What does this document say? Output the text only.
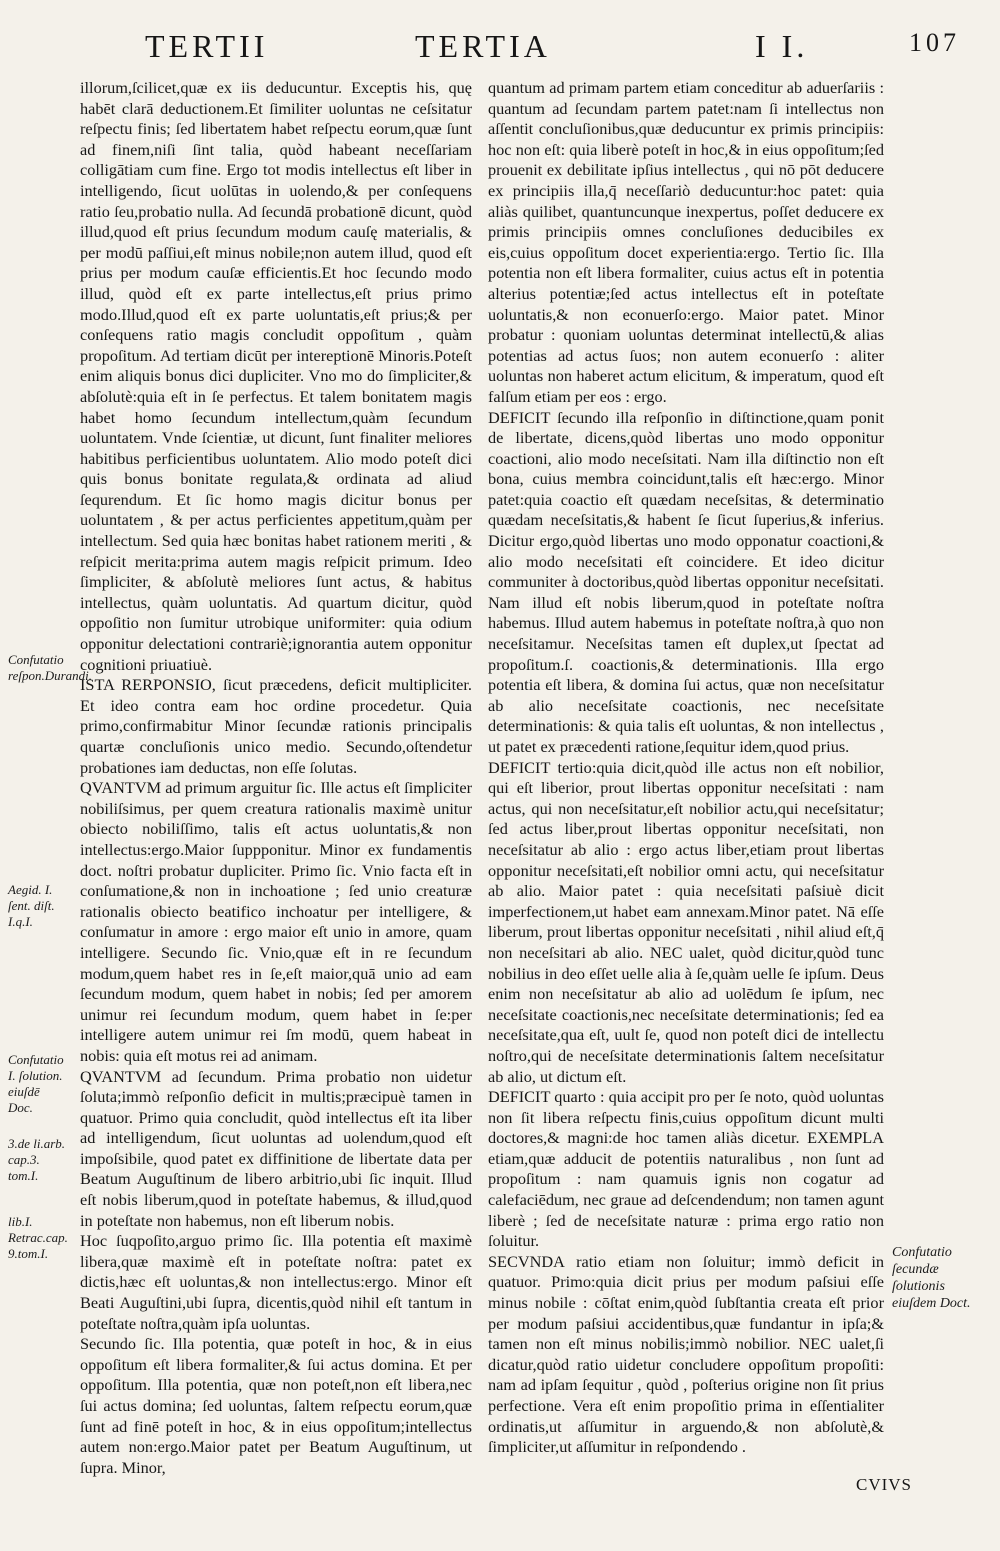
TERTII	TERTIA	I I.	107

illorum,ſcilicet,quæ ex iis deducuntur. Exceptis his, quę habēt clarā deductionem.Et ſimiliter uoluntas ne ceſsitatur reſpectu finis; ſed libertatem habet reſpectu eorum,quæ ſunt ad finem,niſi ſint talia, quòd habeant neceſſariam colligātiam cum fine. Ergo tot modis intellectus eſt liber in intelligendo, ſicut uolūtas in uolendo,& per conſequens ratio ſeu,probatio nulla. Ad ſecundā probationē dicunt, quòd illud,quod eſt prius ſecundum modum cauſę materialis, & per modū paſſiui,eſt minus nobile;non autem illud, quod eſt prius per modum cauſæ efficientis.Et hoc ſecundo modo illud, quòd eſt ex parte intellectus,eſt prius primo modo.Illud,quod eſt ex parte uoluntatis,eſt prius;& per conſequens ratio magis concludit oppoſitum , quàm propoſitum. Ad tertiam dicūt per intereptionē Minoris.Poteſt enim aliquis bonus dici dupliciter. Vno mo do ſimpliciter,& abſolutè:quia eſt in ſe perfectus. Et talem bonitatem magis habet homo ſecundum intellectum,quàm ſecundum uoluntatem. Vnde ſcientiæ, ut dicunt, ſunt finaliter meliores habitibus perficientibus uoluntatem. Alio modo poteſt dici quis bonus bonitate regulata,& ordinata ad aliud ſequrendum. Et ſic homo magis dicitur bonus per uoluntatem , & per actus perficientes appetitum,quàm per intellectum. Sed quia hæc bonitas habet rationem meriti , & reſpicit merita:prima autem magis reſpicit primum. Ideo ſimpliciter, & abſolutè meliores ſunt actus, & habitus intellectus, quàm uoluntatis. Ad quartum dicitur, quòd oppoſitio non ſumitur utrobique uniformiter: quia odium opponitur delectationi contrariè;ignorantia autem opponitur cognitioni priuatiuè.

ISTA RERPONSIO, ſicut præcedens, deficit multipliciter. Et ideo contra eam hoc ordine procedetur. Quia primo,confirmabitur Minor ſecundæ rationis principalis quartæ concluſionis unico medio. Secundo,oſtendetur probationes iam deductas, non eſſe ſolutas.

QVANTVM ad primum arguitur ſic. Ille actus eſt ſimpliciter nobiliſsimus, per quem creatura rationalis maximè unitur obiecto nobiliſſimo, talis eſt actus uoluntatis,& non intellectus:ergo.Maior ſuppponitur. Minor ex fundamentis doct. noſtri probatur dupliciter. Primo ſic. Vnio facta eſt in conſumatione,& non in inchoatione ; ſed unio creaturæ rationalis obiecto beatifico inchoatur per intelligere, & conſumatur in amore : ergo maior eſt unio in amore, quam intelligere. Secundo ſic. Vnio,quæ eſt in re ſecundum modum,quem habet res in ſe,eſt maior,quā unio ad eam ſecundum modum, quem habet in nobis; ſed per amorem unimur rei ſecundum modum, quem habet in ſe:per intelligere autem unimur rei ſm modū, quem habeat in nobis: quia eſt motus rei ad animam.

QVANTVM ad ſecundum. Prima probatio non uidetur ſoluta;immò reſponſio deficit in multis;præcipuè tamen in quatuor. Primo quia concludit, quòd intellectus eſt ita liber ad intelligendum, ſicut uoluntas ad uolendum,quod eſt impoſsibile, quod patet ex diffinitione de libertate data per Beatum Auguſtinum de libero arbitrio,ubi ſic inquit. Illud eſt nobis liberum,quod in poteſtate habemus, & illud,quod in poteſtate non habemus, non eſt liberum nobis.

Hoc ſuqpoſito,arguo primo ſic. Illa potentia eſt maximè libera,quæ maximè eſt in poteſtate noſtra: patet ex dictis,hæc eſt uoluntas,& non intellectus:ergo. Minor eſt Beati Auguſtini,ubi ſupra, dicentis,quòd nihil eſt tantum in poteſtate noſtra,quàm ipſa uoluntas.

Secundo ſic. Illa potentia, quæ poteſt in hoc, & in eius oppoſitum eſt libera formaliter,& ſui actus domina. Et per oppoſitum. Illa potentia, quæ non poteſt,non eſt libera,nec ſui actus domina; ſed uoluntas, ſaltem reſpectu eorum,quæ ſunt ad finē poteſt in hoc, & in eius oppoſitum;intellectus autem non:ergo.Maior patet per Beatum Auguſtinum, ut ſupra. Minor,

quantum ad primam partem etiam conceditur ab aduerſariis : quantum ad ſecundam partem patet:nam ſi intellectus non aſſentit concluſionibus,quæ deducuntur ex primis principiis: hoc non eſt: quia liberè poteſt in hoc,& in eius oppoſitum;ſed prouenit ex debilitate ipſius intellectus , qui nō pōt deducere ex principiis illa,q̄ neceſſariò deducuntur:hoc patet: quia aliàs quilibet, quantuncunque inexpertus, poſſet deducere ex primis principiis omnes concluſiones deducibiles ex eis,cuius oppoſitum docet experientia:ergo. Tertio ſic. Illa potentia non eſt libera formaliter, cuius actus eſt in potentia alterius potentiæ;ſed actus intellectus eſt in poteſtate uoluntatis,& non econuerſo:ergo. Maior patet. Minor probatur : quoniam uoluntas determinat intellectū,& alias potentias ad actus ſuos; non autem econuerſo : aliter uoluntas non haberet actum elicitum, & imperatum, quod eſt falſum etiam per eos : ergo.

DEFICIT ſecundo illa reſponſio in diſtinctione,quam ponit de libertate, dicens,quòd libertas uno modo opponitur coactioni, alio modo neceſsitati. Nam illa diſtinctio non eſt bona, cuius membra coincidunt,talis eſt hæc:ergo. Minor patet:quia coactio eſt quædam neceſsitas, & determinatio quædam neceſsitatis,& habent ſe ſicut ſuperius,& inferius. Dicitur ergo,quòd libertas uno modo opponatur coactioni,& alio modo neceſsitati eſt coincidere. Et ideo dicitur communiter à doctoribus,quòd libertas opponitur neceſsitati. Nam illud eſt nobis liberum,quod in poteſtate noſtra habemus. Illud autem habemus in poteſtate noſtra,à quo non neceſsitamur. Neceſsitas tamen eſt duplex,ut ſpectat ad propoſitum.ſ. coactionis,& determinationis. Illa ergo potentia eſt libera, & domina ſui actus, quæ non neceſsitatur ab alio neceſsitate coactionis, nec neceſsitate determinationis: & quia talis eſt uoluntas, & non intellectus , ut patet ex præcedenti ratione,ſequitur idem,quod prius.

DEFICIT tertio:quia dicit,quòd ille actus non eſt nobilior, qui eſt liberior, prout libertas opponitur neceſsitati : nam actus, qui non neceſsitatur,eſt nobilior actu,qui neceſsitatur; ſed actus liber,prout libertas opponitur neceſsitati, non neceſsitatur ab alio : ergo actus liber,etiam prout libertas opponitur neceſsitati,eſt nobilior omni actu, qui neceſsitatur ab alio. Maior patet : quia neceſsitati paſsiuè dicit imperfectionem,ut habet eam annexam.Minor patet. Nā eſſe liberum, prout libertas opponitur neceſsitati , nihil aliud eſt,q̄ non neceſsitari ab alio. NEC ualet, quòd dicitur,quòd tunc nobilius in deo eſſet uelle alia à ſe,quàm uelle ſe ipſum. Deus enim non neceſsitatur ab alio ad uolēdum ſe ipſum, nec neceſsitate coactionis,nec neceſsitate determinationis; ſed ea neceſsitate,qua eſt, uult ſe, quod non poteſt dici de intellectu noſtro,qui de neceſsitate determinationis ſaltem neceſsitatur ab alio, ut dictum eſt.

DEFICIT quarto : quia accipit pro per ſe noto, quòd uoluntas non ſit libera reſpectu finis,cuius oppoſitum dicunt multi doctores,& magni:de hoc tamen aliàs dicetur. EXEMPLA etiam,quæ adducit de potentiis naturalibus , non ſunt ad propoſitum : nam quamuis ignis non cogatur ad calefaciēdum, nec graue ad deſcendendum; non tamen agunt liberè ; ſed de neceſsitate naturæ : prima ergo ratio non ſoluitur.

SECVNDA ratio etiam non ſoluitur; immò deficit in quatuor. Primo:quia dicit prius per modum paſsiui eſſe minus nobile : cōſtat enim,quòd ſubſtantia creata eſt prior per modum paſsiui accidentibus,quæ fundantur in ipſa;& tamen non eſt minus nobilis;immò nobilior. NEC ualet,ſi dicatur,quòd ratio uidetur concludere oppoſitum propoſiti: nam ad ipſam ſequitur , quòd , poſterius origine non ſit prius perfectione. Vera eſt enim propoſitio prima in eſſentialiter ordinatis,ut aſſumitur in arguendo,& non abſolutè,& ſimpliciter,ut aſſumitur in reſpondendo .

Confutatio reſpon.Durandi.
Aegid. I. ſent. diſt. I.q.I.
Confutatio I. ſolution. eiuſdē Doc.
3.de li.arb. cap.3. tom.I.
lib.I. Retrac.cap. 9.tom.I.	Confutatio ſecundæ ſolutionis eiuſdem Doct.
CVIVS
